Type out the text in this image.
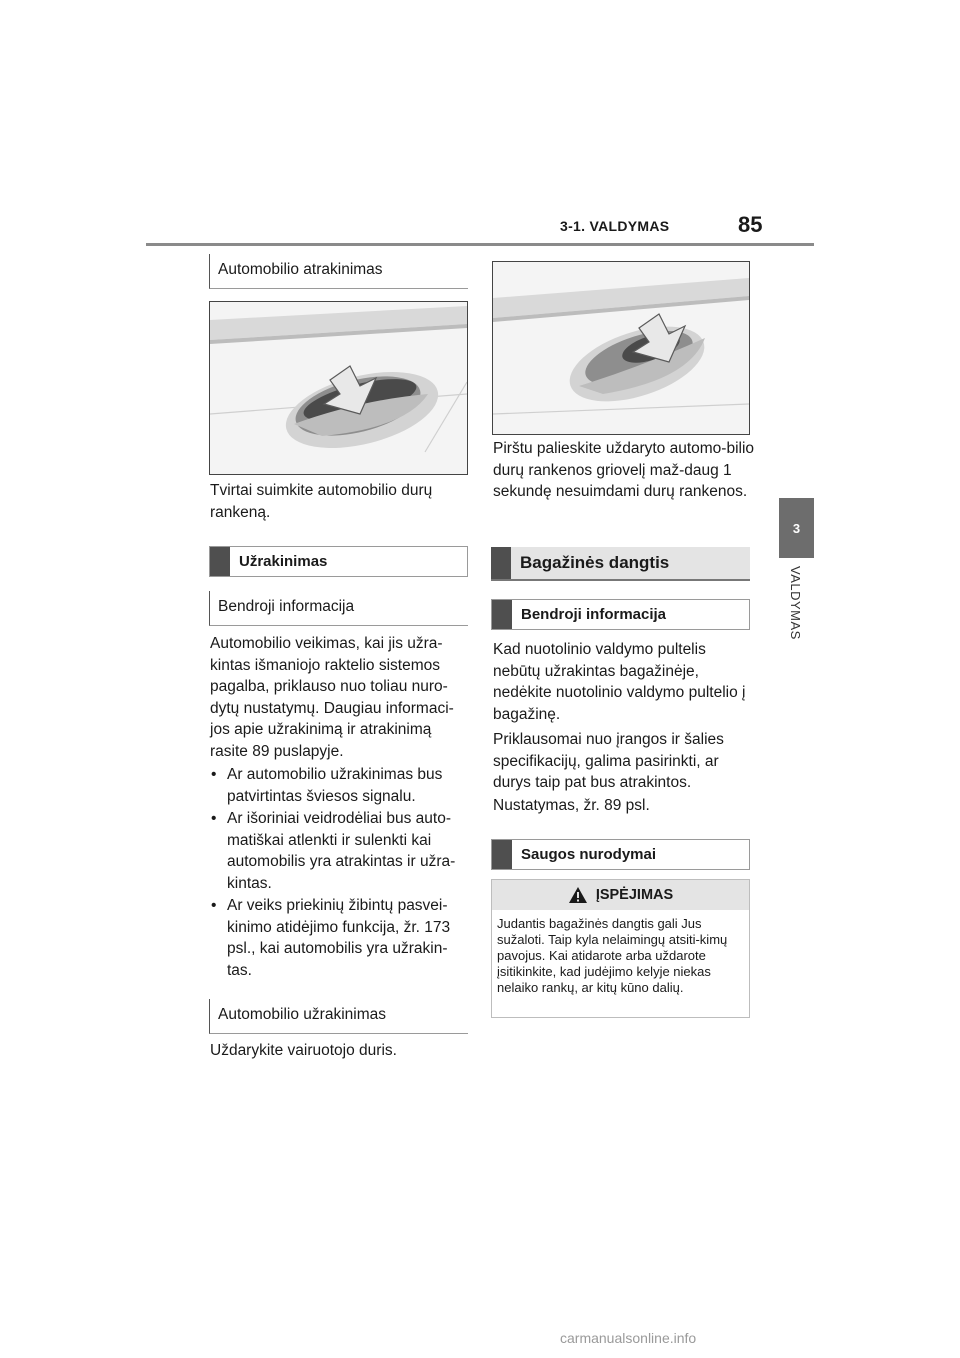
3-1. VALDYMAS	85
3
VALDYMAS
Automobilio atrakinimas

Tvirtai suimkite automobilio durų rankeną.

Užrakinimas
Bendroji informacija

Automobilio veikimas, kai jis užra-kintas išmaniojo raktelio sistemos pagalba, priklauso nuo toliau nuro-dytų nustatymų. Daugiau informaci-jos apie užrakinimą ir atrakinimą rasite 89 puslapyje.

• Ar automobilio užrakinimas bus patvirtintas šviesos signalu.
• Ar išoriniai veidrodėliai bus auto-matiškai atlenkti ir sulenkti kai automobilis yra atrakintas ir užra-kintas.
• Ar veiks priekinių žibintų pasvei-kinimo atidėjimo funkcija, žr. 173 psl., kai automobilis yra užrakin-tas.
Automobilio užrakinimas

Uždarykite vairuotojo duris.

Pirštu palieskite uždaryto automo-bilio durų rankenos griovelį maž-daug 1 sekundę nesuimdami durų rankenos.

Bagažinės dangtis
Bendroji informacija

Kad nuotolinio valdymo pultelis nebūtų užrakintas bagažinėje, nedėkite nuotolinio valdymo pultelio į bagažinę.

Priklausomai nuo įrangos ir šalies specifikacijų, galima pasirinkti, ar durys taip pat bus atrakintos.

Nustatymas, žr. 89 psl.

Saugos nurodymai
ĮSPĖJIMAS

Judantis bagažinės dangtis gali Jus sužaloti. Taip kyla nelaimingų atsiti-kimų pavojus. Kai atidarote arba uždarote įsitikinkite, kad judėjimo kelyje niekas nelaiko rankų, ar kitų kūno dalių.

carmanualsonline.info
